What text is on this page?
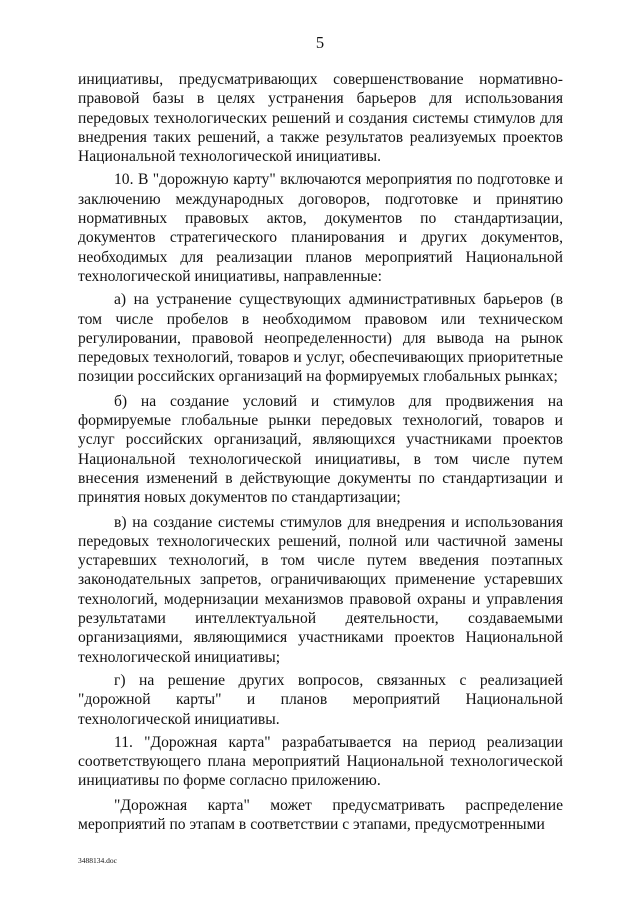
5

инициативы, предусматривающих совершенствование нормативно-правовой базы в целях устранения барьеров для использования передовых технологических решений и создания системы стимулов для внедрения таких решений, а также результатов реализуемых проектов Национальной технологической инициативы.

10. В "дорожную карту" включаются мероприятия по подготовке и заключению международных договоров, подготовке и принятию нормативных правовых актов, документов по стандартизации, документов стратегического планирования и других документов, необходимых для реализации планов мероприятий Национальной технологической инициативы, направленные:

а) на устранение существующих административных барьеров (в том числе пробелов в необходимом правовом или техническом регулировании, правовой неопределенности) для вывода на рынок передовых технологий, товаров и услуг, обеспечивающих приоритетные позиции российских организаций на формируемых глобальных рынках;

б) на создание условий и стимулов для продвижения на формируемые глобальные рынки передовых технологий, товаров и услуг российских организаций, являющихся участниками проектов Национальной технологической инициативы, в том числе путем внесения изменений в действующие документы по стандартизации и принятия новых документов по стандартизации;

в) на создание системы стимулов для внедрения и использования передовых технологических решений, полной или частичной замены устаревших технологий, в том числе путем введения поэтапных законодательных запретов, ограничивающих применение устаревших технологий, модернизации механизмов правовой охраны и управления результатами интеллектуальной деятельности, создаваемыми организациями, являющимися участниками проектов Национальной технологической инициативы;

г) на решение других вопросов, связанных с реализацией "дорожной карты" и планов мероприятий Национальной технологической инициативы.

11. "Дорожная карта" разрабатывается на период реализации соответствующего плана мероприятий Национальной технологической инициативы по форме согласно приложению.

"Дорожная карта" может предусматривать распределение мероприятий по этапам в соответствии с этапами, предусмотренными

3488134.doc
